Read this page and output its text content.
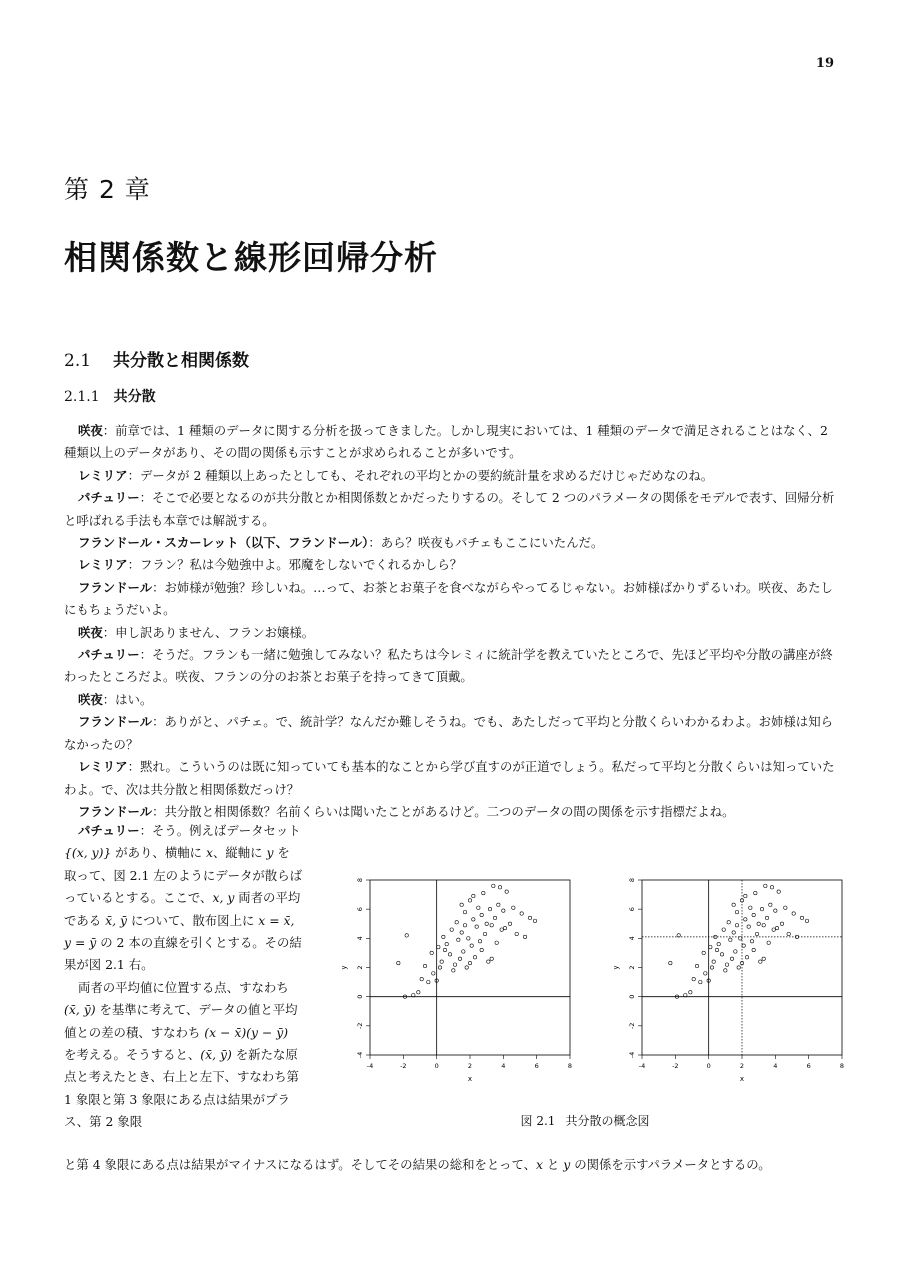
19
第 2 章
相関係数と線形回帰分析
2.1 共分散と相関係数
2.1.1 共分散

咲夜：前章では、1 種類のデータに関する分析を扱ってきました。しかし現実においては、1 種類のデータで満足されることはなく、2 種類以上のデータがあり、その間の関係も示すことが求められることが多いです。

レミリア：データが 2 種類以上あったとしても、それぞれの平均とかの要約統計量を求めるだけじゃだめなのね。

パチュリー：そこで必要となるのが共分散とか相関係数とかだったりするの。そして 2 つのパラメータの関係をモデルで表す、回帰分析と呼ばれる手法も本章では解説する。

フランドール・スカーレット（以下、フランドール）：あら？咲夜もパチェもここにいたんだ。

レミリア：フラン？私は今勉強中よ。邪魔をしないでくれるかしら？

フランドール：お姉様が勉強？珍しいね。…って、お茶とお菓子を食べながらやってるじゃない。お姉様ばかりずるいわ。咲夜、あたしにもちょうだいよ。

咲夜：申し訳ありません、フランお嬢様。

パチュリー：そうだ。フランも一緒に勉強してみない？私たちは今レミィに統計学を教えていたところで、先ほど平均や分散の講座が終わったところだよ。咲夜、フランの分のお茶とお菓子を持ってきて頂戴。

咲夜：はい。

フランドール：ありがと、パチェ。で、統計学？なんだか難しそうね。でも、あたしだって平均と分散くらいわかるわよ。お姉様は知らなかったの？

レミリア：黙れ。こういうのは既に知っていても基本的なことから学び直すのが正道でしょう。私だって平均と分散くらいは知っていたわよ。で、次は共分散と相関係数だっけ？

フランドール：共分散と相関係数？名前くらいは聞いたことがあるけど。二つのデータの間の関係を示す指標だよね。

パチュリー：そう。例えばデータセット {(x, y)} があり、横軸に x、縦軸に y を取って、図 2.1 左のようにデータが散らばっているとする。ここで、x, y 両者の平均である x̄, ȳ について、散布図上に x = x̄, y = ȳ の 2 本の直線を引くとする。その結果が図 2.1 右。

両者の平均値に位置する点、すなわち (x̄, ȳ) を基準に考えて、データの値と平均値との差の積、すなわち (x − x̄)(y − ȳ) を考える。そうすると、(x̄, ȳ) を新たな原点と考えたとき、右上と左下、すなわち第 1 象限と第 3 象限にある点は結果がプラス、第 2 象限

と第 4 象限にある点は結果がマイナスになるはず。そしてその結果の総和をとって、x と y の関係を示すパラメータとするの。

-4	-2	0	2	4	6	8
-4
-2
0
2
4
6
8
x
y
-4	-2	0	2	4	6	8
-4
-2
0
2
4
6
8
x
y
図 2.1 共分散の概念図
